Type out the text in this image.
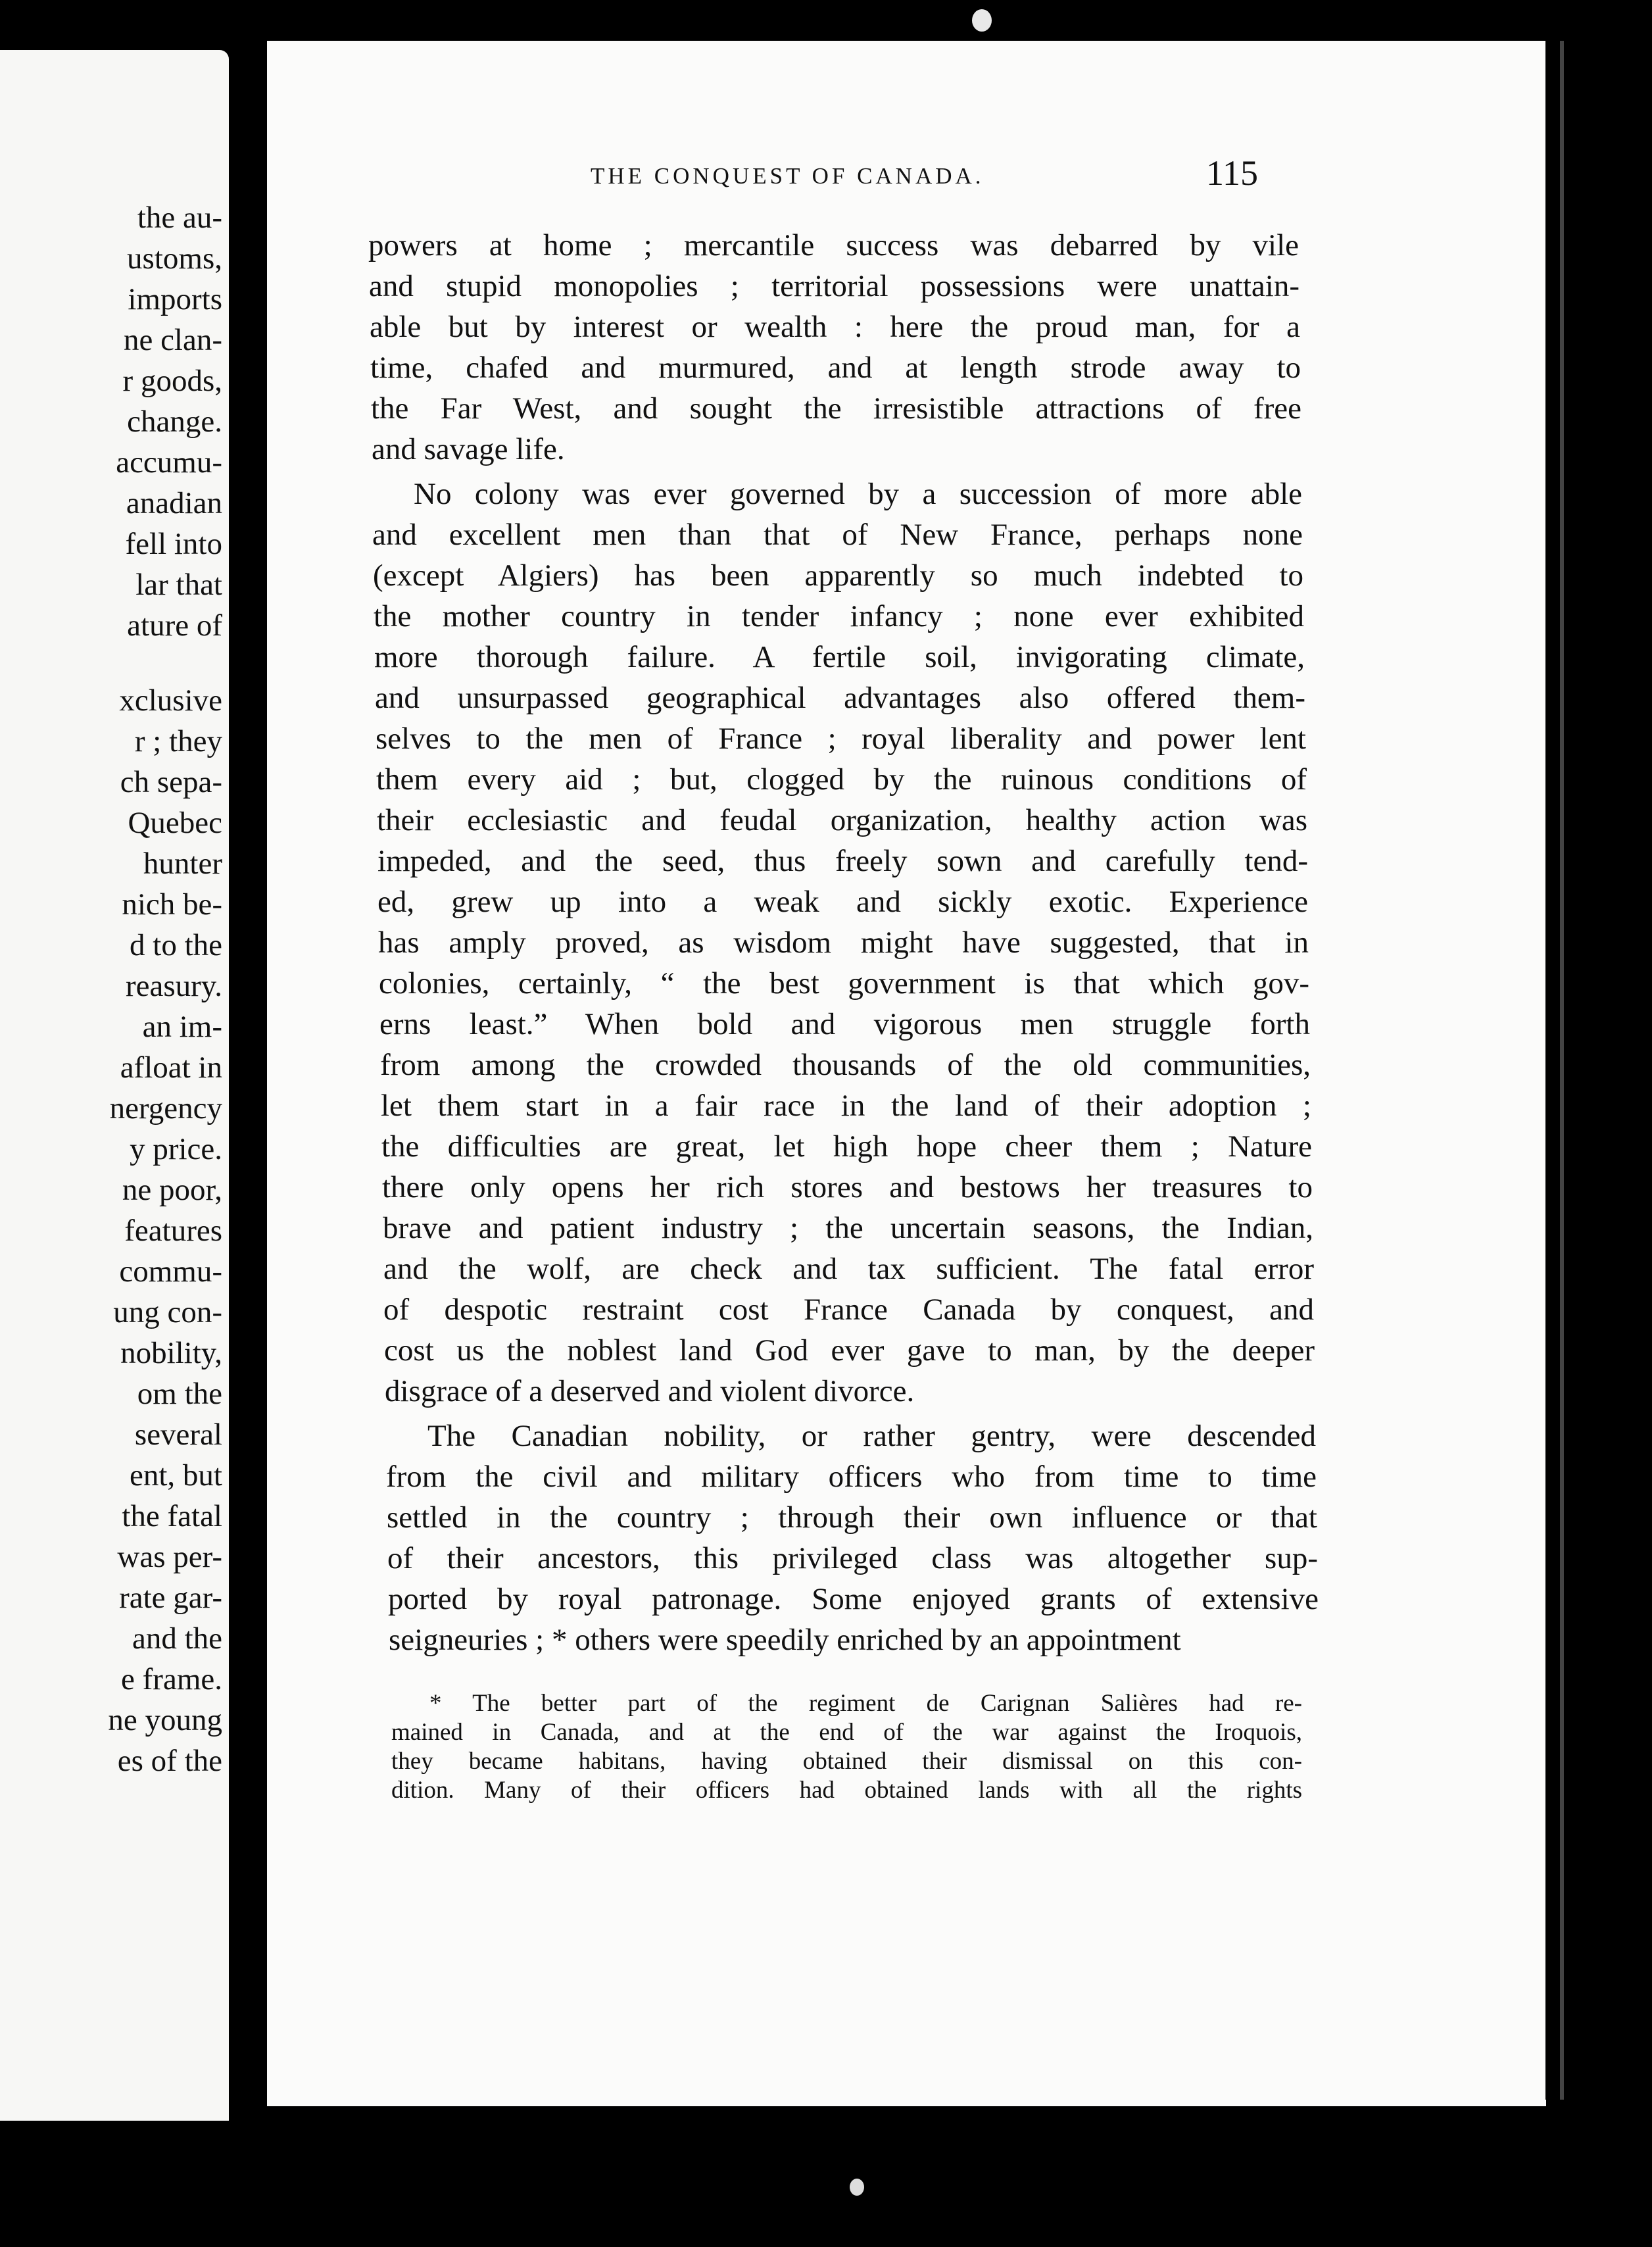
the au-
ustoms,
imports
ne clan-
r goods,
change.
accumu-
anadian
fell into
lar that
ature of
xclusive
r ; they
ch sepa-
Quebec
hunter
nich be-
d to the
reasury.
an im-
afloat in
nergency
y price.
ne poor,
features
commu-
ung con-
nobility,
om the
several
ent, but
the fatal
was per-
rate gar-
and the
e frame.
ne young
es of the
THE CONQUEST OF CANADA.	115
powers at home ; mercantile success was debarred by vile
and stupid monopolies ; territorial possessions were unattain-
able but by interest or wealth : here the proud man, for a
time, chafed and murmured, and at length strode away to
the Far West, and sought the irresistible attractions of free
and savage life.
No colony was ever governed by a succession of more able
and excellent men than that of New France, perhaps none
(except Algiers) has been apparently so much indebted to
the mother country in tender infancy ; none ever exhibited
more thorough failure. A fertile soil, invigorating climate,
and unsurpassed geographical advantages also offered them-
selves to the men of France ; royal liberality and power lent
them every aid ; but, clogged by the ruinous conditions of
their ecclesiastic and feudal organization, healthy action was
impeded, and the seed, thus freely sown and carefully tend-
ed, grew up into a weak and sickly exotic. Experience
has amply proved, as wisdom might have suggested, that in
colonies, certainly, “ the best government is that which gov-
erns least.” When bold and vigorous men struggle forth
from among the crowded thousands of the old communities,
let them start in a fair race in the land of their adoption ;
the difficulties are great, let high hope cheer them ; Nature
there only opens her rich stores and bestows her treasures to
brave and patient industry ; the uncertain seasons, the Indian,
and the wolf, are check and tax sufficient. The fatal error
of despotic restraint cost France Canada by conquest, and
cost us the noblest land God ever gave to man, by the deeper
disgrace of a deserved and violent divorce.
The Canadian nobility, or rather gentry, were descended
from the civil and military officers who from time to time
settled in the country ; through their own influence or that
of their ancestors, this privileged class was altogether sup-
ported by royal patronage. Some enjoyed grants of extensive
seigneuries ; * others were speedily enriched by an appointment
* The better part of the regiment de Carignan Salières had re-
mained in Canada, and at the end of the war against the Iroquois,
they became habitans, having obtained their dismissal on this con-
dition. Many of their officers had obtained lands with all the rights
